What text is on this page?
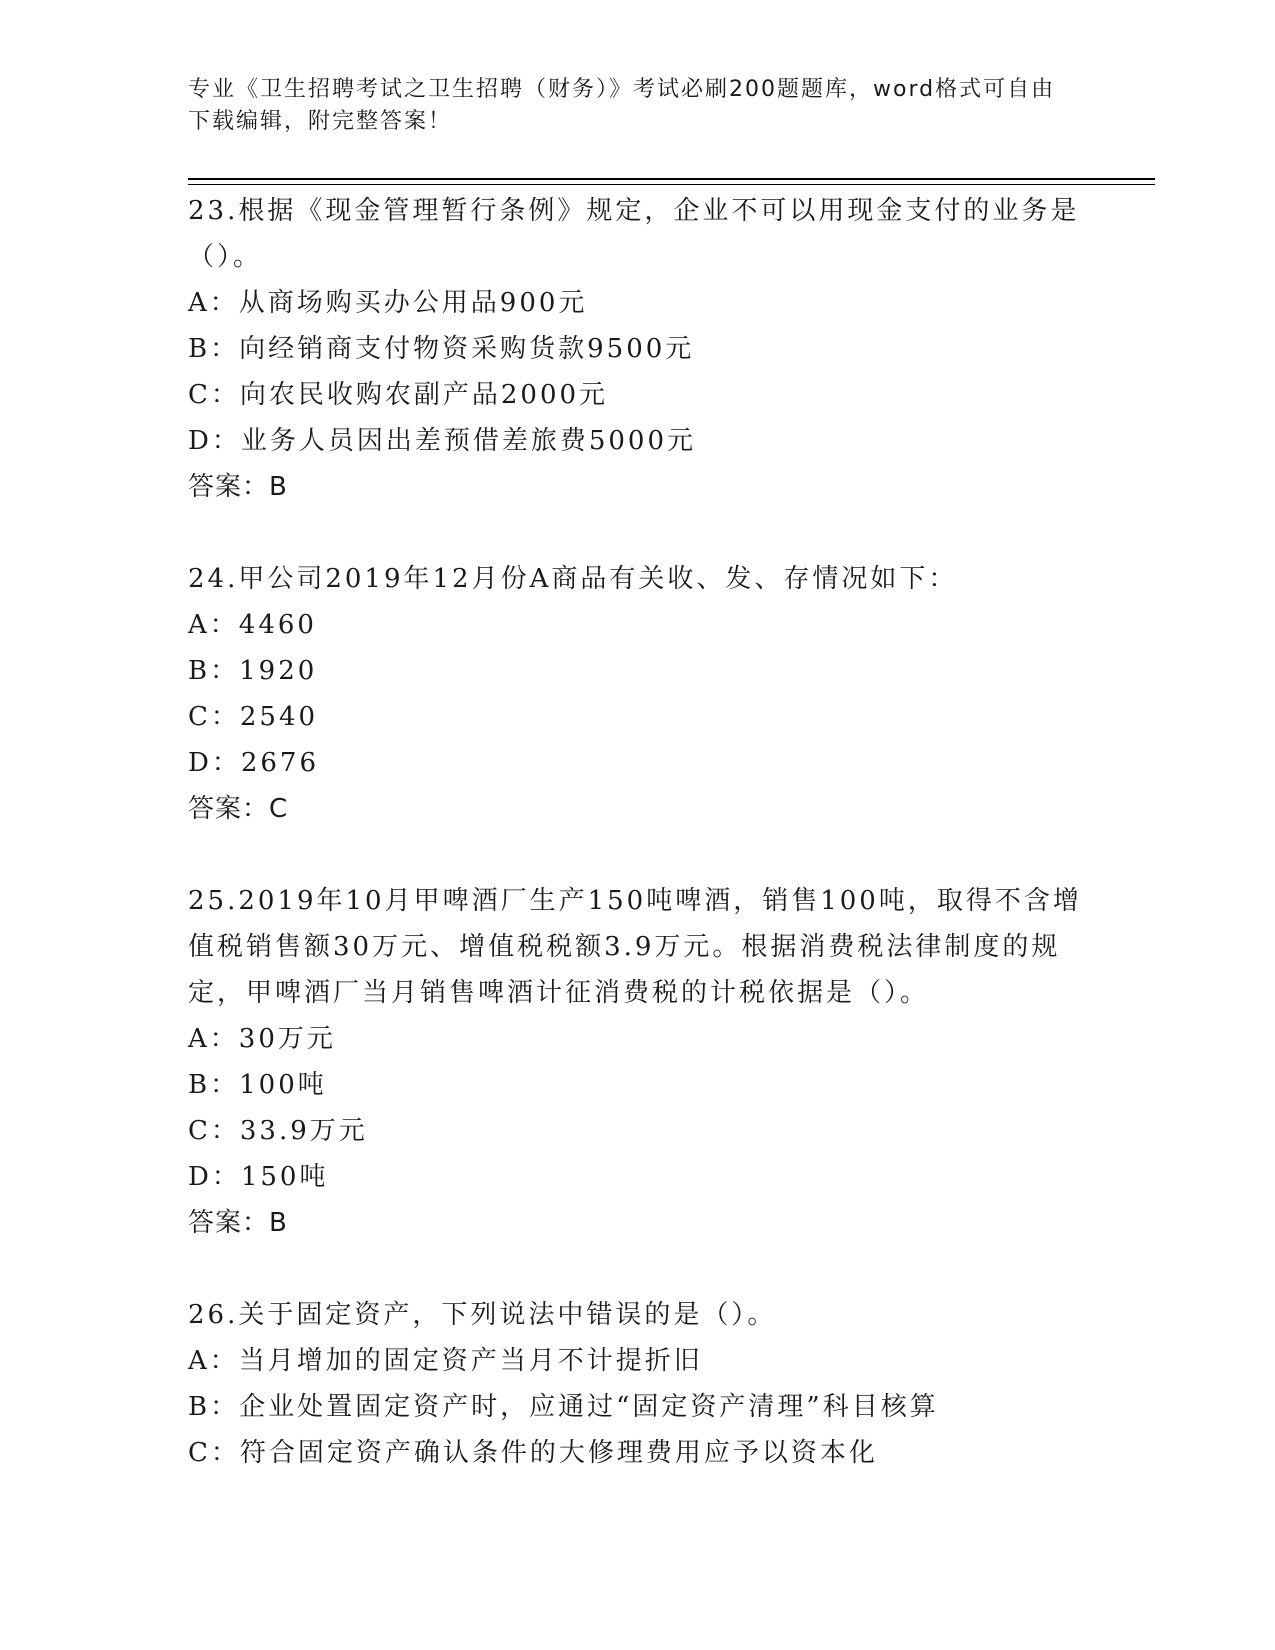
专业《卫生招聘考试之卫生招聘（财务）》考试必刷200题题库，word格式可自由下载编辑，附完整答案！

23.根据《现金管理暂行条例》规定，企业不可以用现金支付的业务是（）。

A：从商场购买办公用品900元

B：向经销商支付物资采购货款9500元

C：向农民收购农副产品2000元

D：业务人员因出差预借差旅费5000元

答案：B

24.甲公司2019年12月份A商品有关收、发、存情况如下：

A：4460

B：1920

C：2540

D：2676

答案：C

25.2019年10月甲啤酒厂生产150吨啤酒，销售100吨，取得不含增值税销售额30万元、增值税税额3.9万元。根据消费税法律制度的规定，甲啤酒厂当月销售啤酒计征消费税的计税依据是（）。

A：30万元

B：100吨

C：33.9万元

D：150吨

答案：B

26.关于固定资产，下列说法中错误的是（）。

A：当月增加的固定资产当月不计提折旧

B：企业处置固定资产时，应通过“固定资产清理”科目核算

C：符合固定资产确认条件的大修理费用应予以资本化
